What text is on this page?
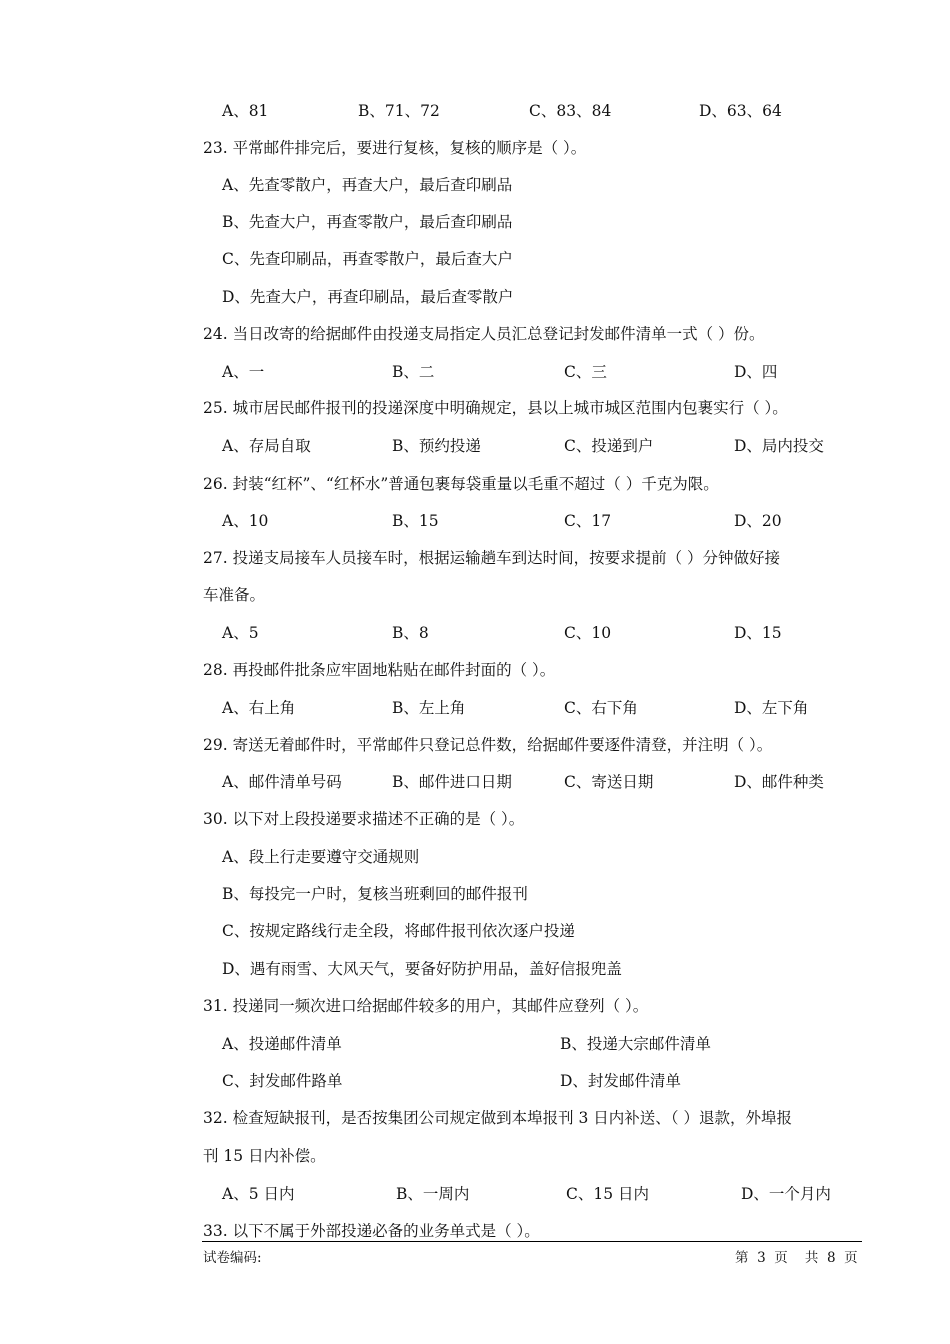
A、81	B、71、72	C、83、84	D、63、64
23. 平常邮件排完后，要进行复核，复核的顺序是（ ）。
A、先查零散户，再查大户，最后查印刷品
B、先查大户，再查零散户，最后查印刷品
C、先查印刷品，再查零散户，最后查大户
D、先查大户，再查印刷品，最后查零散户
24. 当日改寄的给据邮件由投递支局指定人员汇总登记封发邮件清单一式（ ）份。
A、一	B、二	C、三	D、四
25. 城市居民邮件报刊的投递深度中明确规定，县以上城市城区范围内包裹实行（ ）。
A、存局自取	B、预约投递	C、投递到户	D、局内投交
26. 封装“红杯”、“红杯水”普通包裹每袋重量以毛重不超过（ ）千克为限。
A、10	B、15	C、17	D、20
27. 投递支局接车人员接车时，根据运输趟车到达时间，按要求提前（ ）分钟做好接
车准备。
A、5	B、8	C、10	D、15
28. 再投邮件批条应牢固地粘贴在邮件封面的（ ）。
A、右上角	B、左上角	C、右下角	D、左下角
29. 寄送无着邮件时，平常邮件只登记总件数，给据邮件要逐件清登，并注明（ ）。
A、邮件清单号码	B、邮件进口日期	C、寄送日期	D、邮件种类
30. 以下对上段投递要求描述不正确的是（ ）。
A、段上行走要遵守交通规则
B、每投完一户时，复核当班剩回的邮件报刊
C、按规定路线行走全段，将邮件报刊依次逐户投递
D、遇有雨雪、大风天气，要备好防护用品，盖好信报兜盖
31. 投递同一频次进口给据邮件较多的用户，其邮件应登列（ ）。
A、投递邮件清单	B、投递大宗邮件清单
C、封发邮件路单	D、封发邮件清单
32. 检查短缺报刊，是否按集团公司规定做到本埠报刊 3 日内补送、（ ）退款，外埠报
刊 15 日内补偿。
A、5 日内	B、一周内	C、15 日内	D、一个月内
33. 以下不属于外部投递必备的业务单式是（ ）。
试卷编码:	第  3  页    共  8  页
